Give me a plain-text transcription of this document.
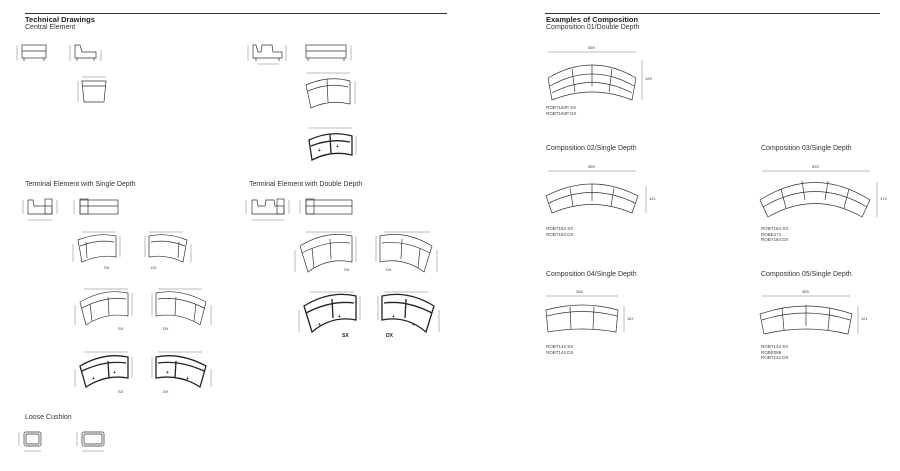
Technical Drawings
Central Element
Terminal Element with Single Depth	Terminal Element with Double Depth
Loose Cushion
Examples of Composition
Composition 01/Double Depth
Composition 02/Single Depth	Composition 03/Single Depth
Composition 04/Single Depth	Composition 05/Single Depth
ROBT184P SX
ROBT184P DX
ROBT184 SX
ROBT184 DX
ROBT184 SX
ROBE171
ROBT184 DX
ROBT142 SX
ROBT142 DX
ROBT142 SX
ROBE086
ROBT142 DX
+
+
SX	DX
SX	DX
+
+
SX
+
+
DX
SX	DX
+
+
SX
+
+
DX
359
129
359
121
593
174
284
167
359
121
